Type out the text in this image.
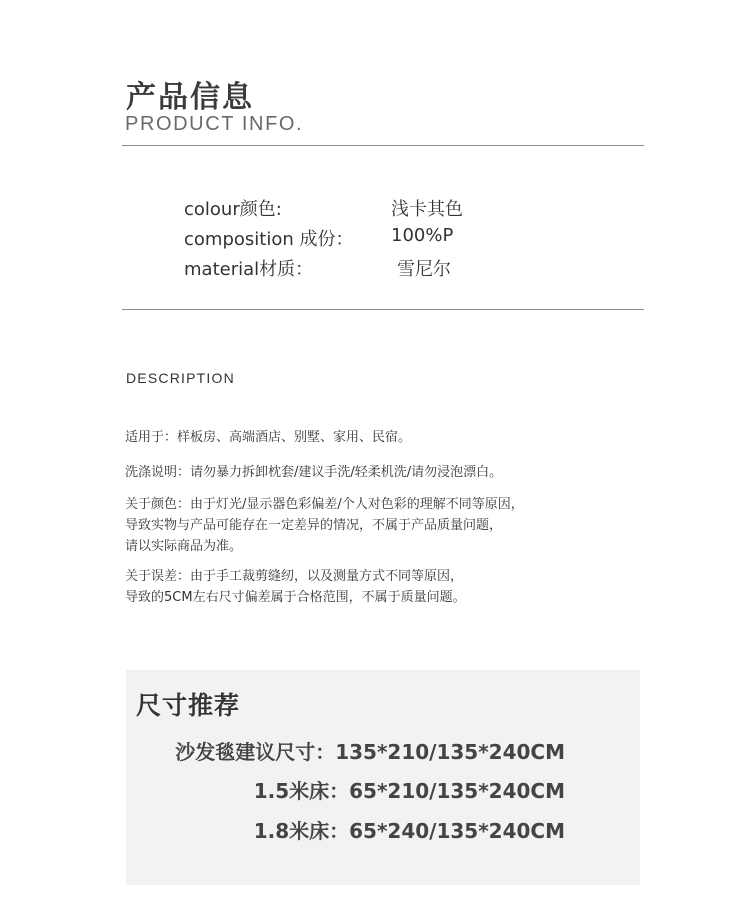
产品信息
PRODUCT INFO.
colour颜色:	浅卡其色
composition 成份： 100%P
material材质：	雪尼尔
DESCRIPTION
适用于：样板房、高端酒店、别墅、家用、民宿。
洗涤说明：请勿暴力拆卸枕套/建议手洗/轻柔机洗/请勿浸泡漂白。
关于颜色：由于灯光/显示器色彩偏差/个人对色彩的理解不同等原因，
导致实物与产品可能存在一定差异的情况，不属于产品质量问题，
请以实际商品为准。
关于误差：由于手工裁剪缝纫，以及测量方式不同等原因，
导致的5CM左右尺寸偏差属于合格范围，不属于质量问题。
尺寸推荐
沙发毯建议尺寸：135*210/135*240CM
1.5米床：65*210/135*240CM
1.8米床：65*240/135*240CM
